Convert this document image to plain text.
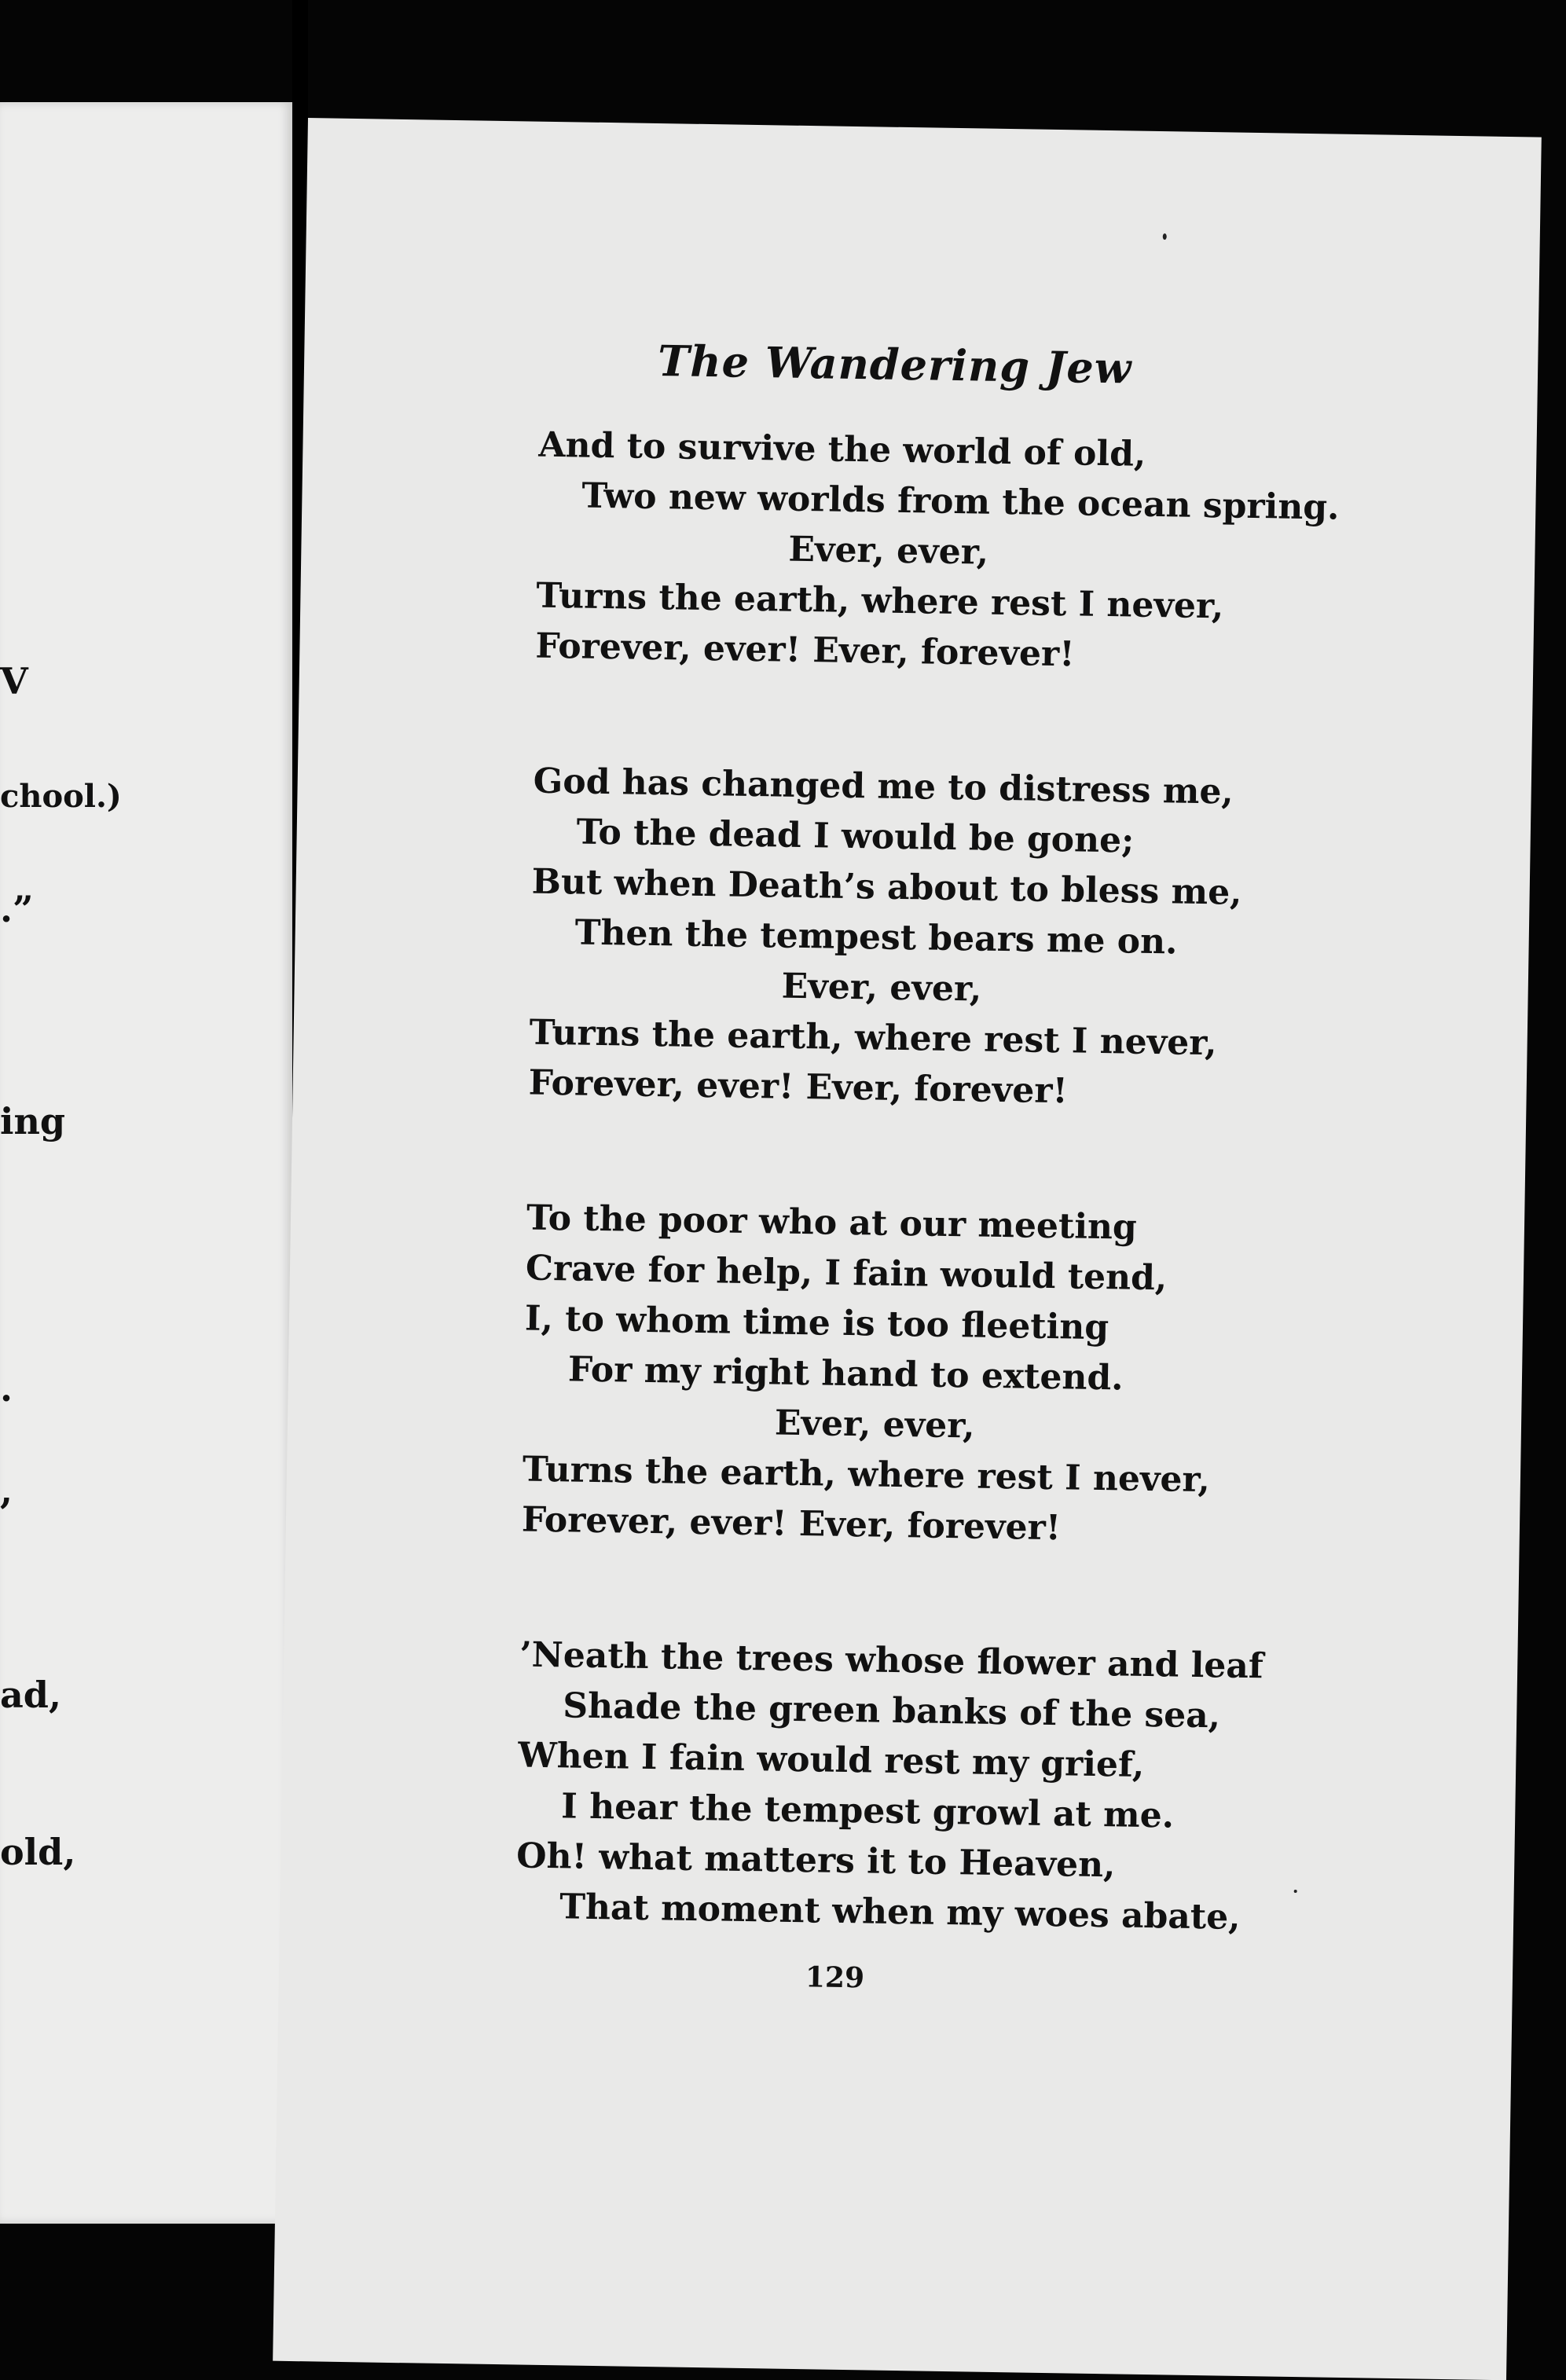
V
chool.)
.”
ing
.
,
ad,
old,
The Wandering Jew
And to survive the world of old,
Two new worlds from the ocean spring.
Ever, ever,
Turns the earth, where rest I never,
Forever, ever! Ever, forever!
God has changed me to distress me,
To the dead I would be gone;
But when Death’s about to bless me,
Then the tempest bears me on.
Ever, ever,
Turns the earth, where rest I never,
Forever, ever! Ever, forever!
To the poor who at our meeting
Crave for help, I fain would tend,
I, to whom time is too fleeting
For my right hand to extend.
Ever, ever,
Turns the earth, where rest I never,
Forever, ever! Ever, forever!
’Neath the trees whose flower and leaf
Shade the green banks of the sea,
When I fain would rest my grief,
I hear the tempest growl at me.
Oh! what matters it to Heaven,
That moment when my woes abate,
129
